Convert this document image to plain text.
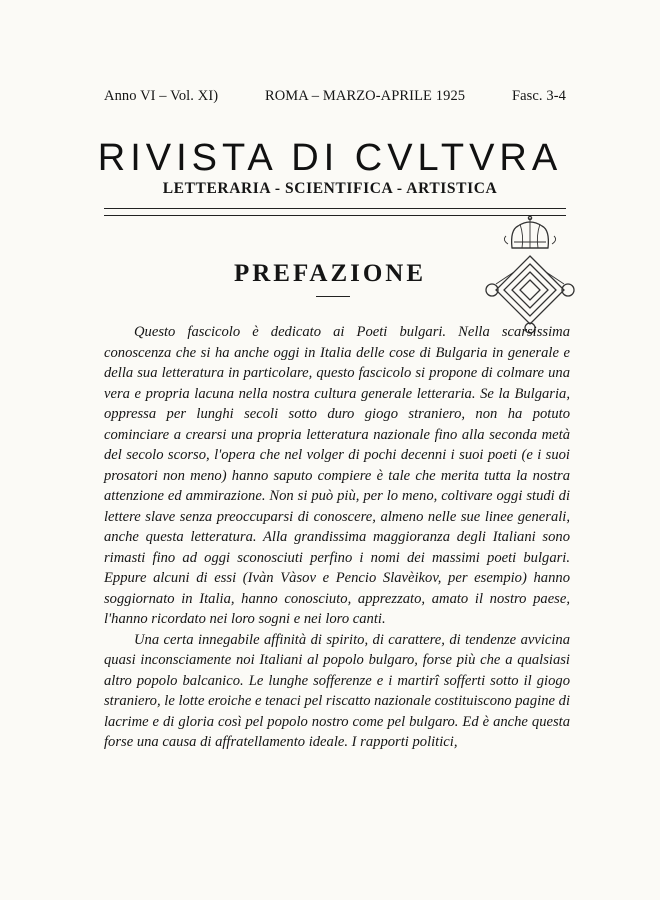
Anno VI – Vol. XI)	ROMA – MARZO-APRILE 1925	Fasc. 3-4
RIVISTA DI CVLTVRA
LETTERARIA - SCIENTIFICA - ARTISTICA
PREFAZIONE

Questo fascicolo è dedicato ai Poeti bulgari. Nella scarsissima conoscenza che si ha anche oggi in Italia delle cose di Bulgaria in generale e della sua letteratura in particolare, questo fascicolo si propone di colmare una vera e propria lacuna nella nostra cultura generale letteraria. Se la Bulgaria, oppressa per lunghi secoli sotto duro giogo straniero, non ha potuto cominciare a crearsi una propria letteratura nazionale fino alla seconda metà del secolo scorso, l'opera che nel volger di pochi decenni i suoi poeti (e i suoi prosatori non meno) hanno saputo compiere è tale che merita tutta la nostra attenzione ed ammirazione. Non si può più, per lo meno, coltivare oggi studi di lettere slave senza preoccuparsi di conoscere, almeno nelle sue linee generali, anche questa letteratura. Alla grandissima maggioranza degli Italiani sono rimasti fino ad oggi sconosciuti perfino i nomi dei massimi poeti bulgari. Eppure alcuni di essi (Ivàn Vàsov e Pencio Slavèikov, per esempio) hanno soggiornato in Italia, hanno conosciuto, apprezzato, amato il nostro paese, l'hanno ricordato nei loro sogni e nei loro canti.

Una certa innegabile affinità di spirito, di carattere, di tendenze avvicina quasi inconsciamente noi Italiani al popolo bulgaro, forse più che a qualsiasi altro popolo balcanico. Le lunghe sofferenze e i martirî sofferti sotto il giogo straniero, le lotte eroiche e tenaci pel riscatto nazionale costituiscono pagine di lacrime e di gloria così pel popolo nostro come pel bulgaro. Ed è anche questa forse una causa di affratellamento ideale. I rapporti politici,
